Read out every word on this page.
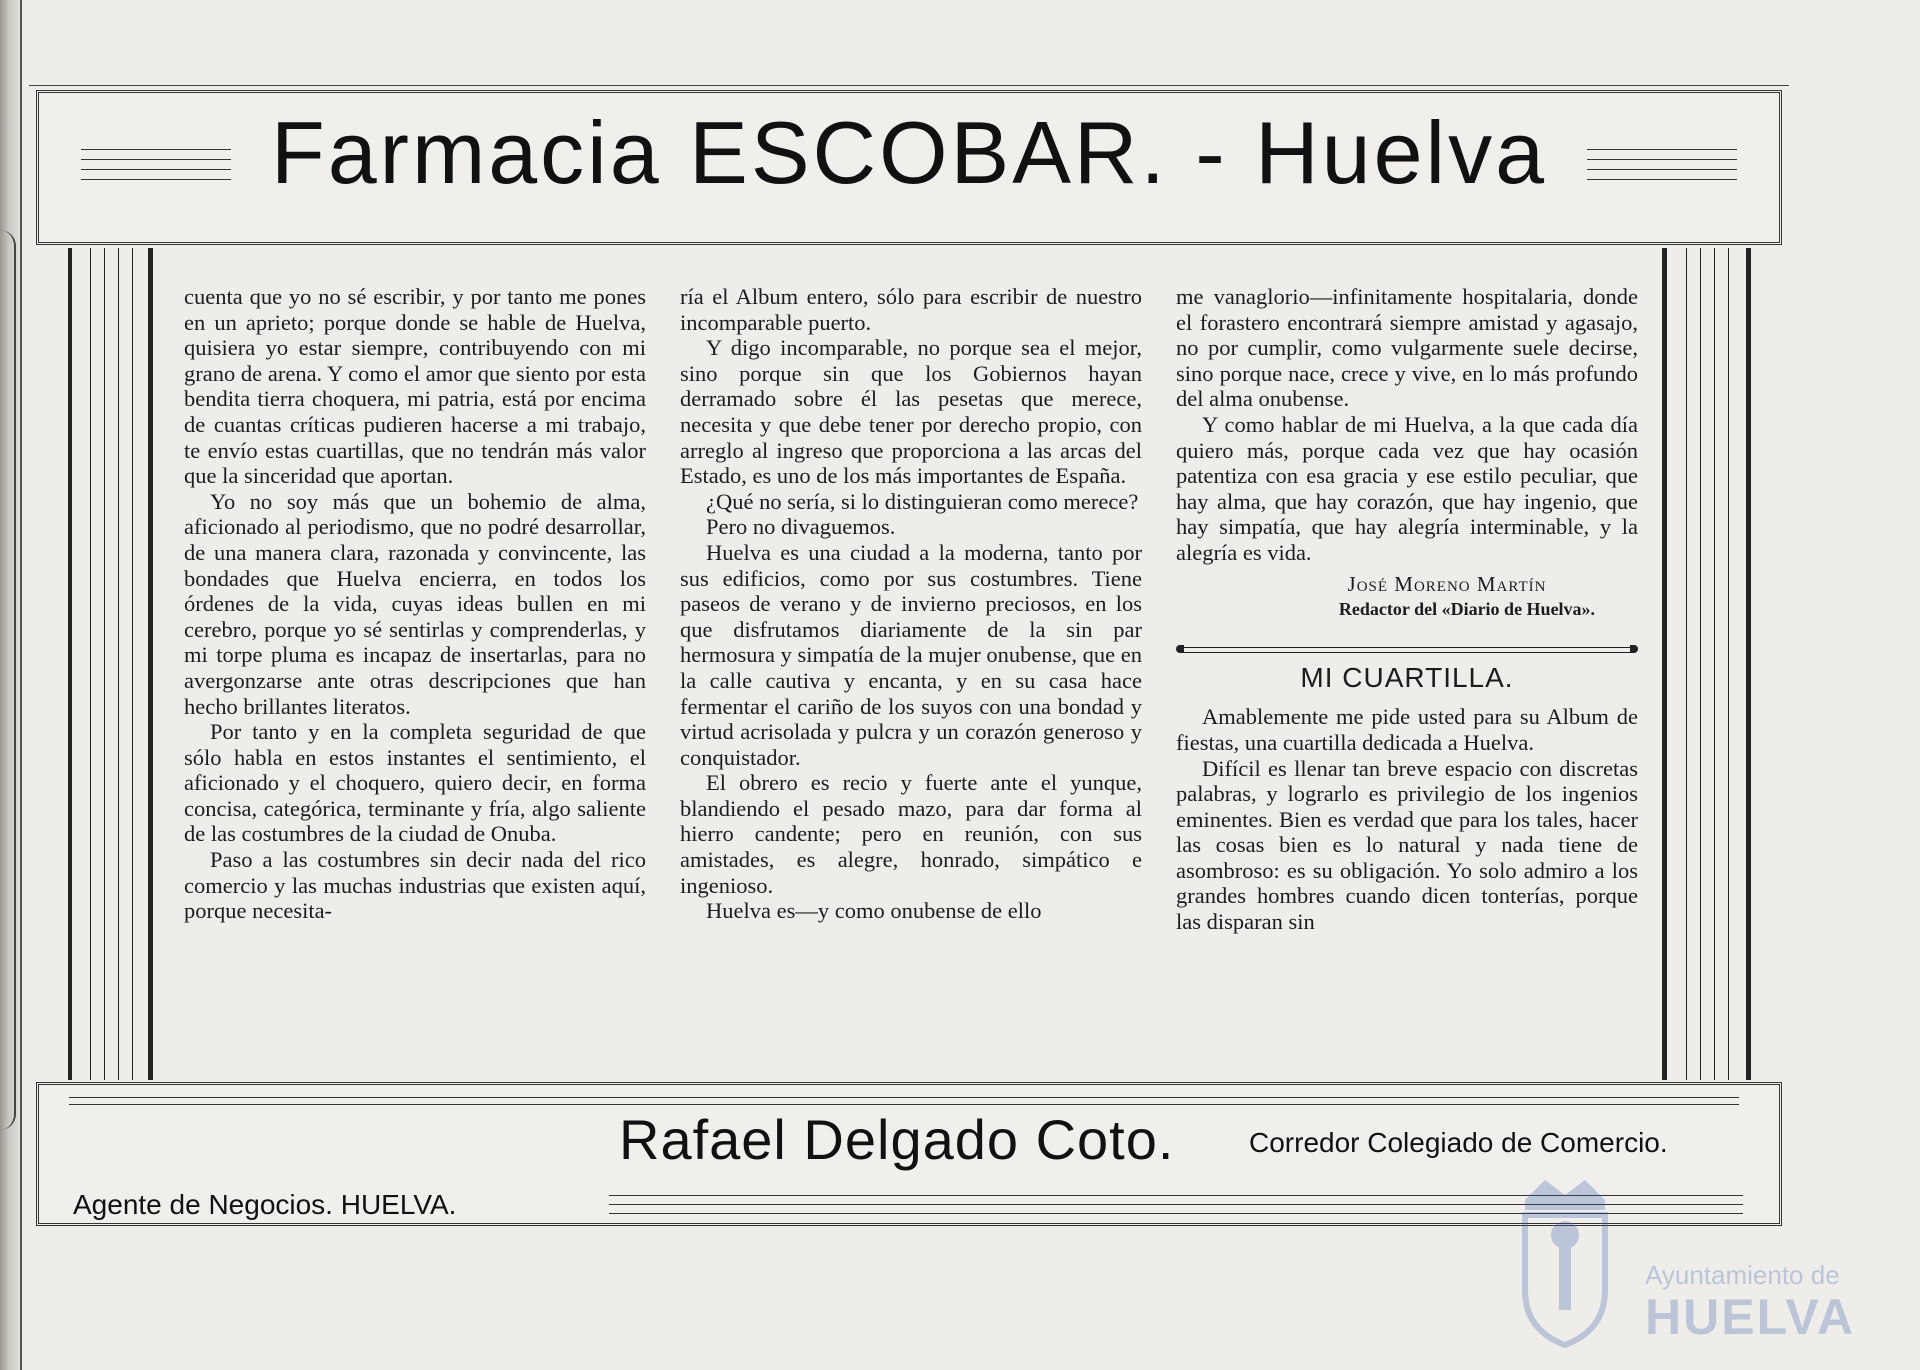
Farmacia ESCOBAR. - Huelva

cuenta que yo no sé escribir, y por tanto me pones en un aprieto; porque donde se hable de Huelva, quisiera yo estar siempre, contribuyendo con mi grano de arena. Y como el amor que siento por esta bendita tierra choquera, mi patria, está por encima de cuantas críticas pudieren hacerse a mi trabajo, te envío estas cuartillas, que no tendrán más valor que la sinceridad que aportan.

Yo no soy más que un bohemio de alma, aficionado al periodismo, que no podré desarrollar, de una manera clara, razonada y convincente, las bondades que Huelva encierra, en todos los órdenes de la vida, cuyas ideas bullen en mi cerebro, porque yo sé sentirlas y comprenderlas, y mi torpe pluma es incapaz de insertarlas, para no avergonzarse ante otras descripciones que han hecho brillantes literatos.

Por tanto y en la completa seguridad de que sólo habla en estos instantes el sentimiento, el aficionado y el choquero, quiero decir, en forma concisa, categórica, terminante y fría, algo saliente de las costumbres de la ciudad de Onuba.

Paso a las costumbres sin decir nada del rico comercio y las muchas industrias que existen aquí, porque necesita-

ría el Album entero, sólo para escribir de nuestro incomparable puerto.

Y digo incomparable, no porque sea el mejor, sino porque sin que los Gobiernos hayan derramado sobre él las pesetas que merece, necesita y que debe tener por derecho propio, con arreglo al ingreso que proporciona a las arcas del Estado, es uno de los más importantes de España.

¿Qué no sería, si lo distinguieran como merece?

Pero no divaguemos.

Huelva es una ciudad a la moderna, tanto por sus edificios, como por sus costumbres. Tiene paseos de verano y de invierno preciosos, en los que disfrutamos diariamente de la sin par hermosura y simpatía de la mujer onubense, que en la calle cautiva y encanta, y en su casa hace fermentar el cariño de los suyos con una bondad y virtud acrisolada y pulcra y un corazón generoso y conquistador.

El obrero es recio y fuerte ante el yunque, blandiendo el pesado mazo, para dar forma al hierro candente; pero en reunión, con sus amistades, es alegre, honrado, simpático e ingenioso.

Huelva es—y como onubense de ello

me vanaglorio—infinitamente hospitalaria, donde el forastero encontrará siempre amistad y agasajo, no por cumplir, como vulgarmente suele decirse, sino porque nace, crece y vive, en lo más profundo del alma onubense.

Y como hablar de mi Huelva, a la que cada día quiero más, porque cada vez que hay ocasión patentiza con esa gracia y ese estilo peculiar, que hay alma, que hay corazón, que hay ingenio, que hay simpatía, que hay alegría interminable, y la alegría es vida.

José Moreno Martín
Redactor del «Diario de Huelva».
MI CUARTILLA.

Amablemente me pide usted para su Album de fiestas, una cuartilla dedicada a Huelva.

Difícil es llenar tan breve espacio con discretas palabras, y lograrlo es privilegio de los ingenios eminentes. Bien es verdad que para los tales, hacer las cosas bien es lo natural y nada tiene de asombroso: es su obligación. Yo solo admiro a los grandes hombres cuando dicen tonterías, porque las disparan sin

Rafael Delgado Coto.	Corredor Colegiado de Comercio.
Agente de Negocios. HUELVA.
Ayuntamiento de
HUELVA
